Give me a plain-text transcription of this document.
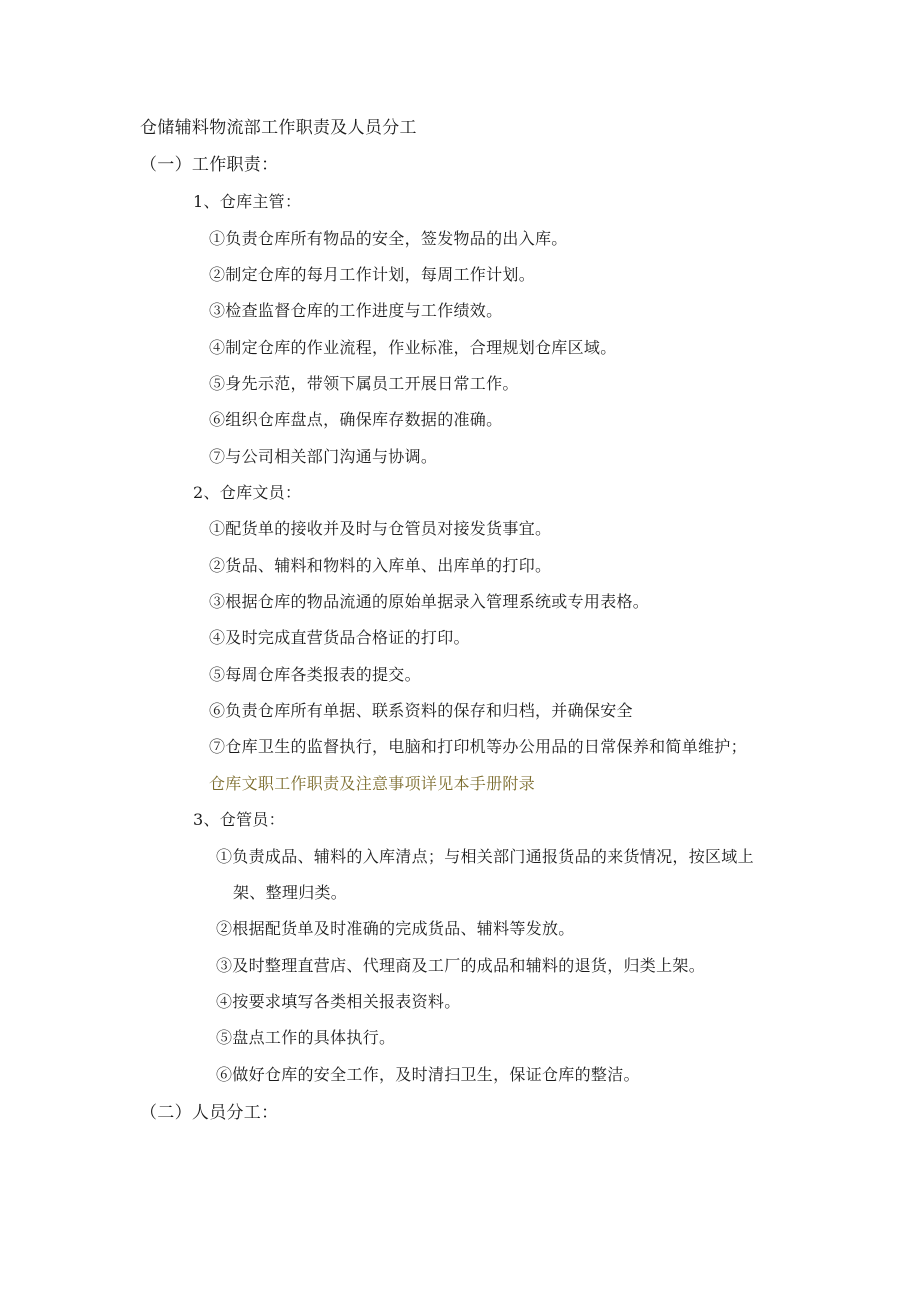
仓储辅料物流部工作职责及人员分工
（一）工作职责：
1、仓库主管：
①负责仓库所有物品的安全，签发物品的出入库。
②制定仓库的每月工作计划，每周工作计划。
③检查监督仓库的工作进度与工作绩效。
④制定仓库的作业流程，作业标准，合理规划仓库区域。
⑤身先示范，带领下属员工开展日常工作。
⑥组织仓库盘点，确保库存数据的准确。
⑦与公司相关部门沟通与协调。
2、仓库文员：
①配货单的接收并及时与仓管员对接发货事宜。
②货品、辅料和物料的入库单、出库单的打印。
③根据仓库的物品流通的原始单据录入管理系统或专用表格。
④及时完成直营货品合格证的打印。
⑤每周仓库各类报表的提交。
⑥负责仓库所有单据、联系资料的保存和归档，并确保安全
⑦仓库卫生的监督执行，电脑和打印机等办公用品的日常保养和简单维护；
仓库文职工作职责及注意事项详见本手册附录
3、仓管员：
①负责成品、辅料的入库清点；与相关部门通报货品的来货情况，按区域上
架、整理归类。
②根据配货单及时准确的完成货品、辅料等发放。
③及时整理直营店、代理商及工厂的成品和辅料的退货，归类上架。
④按要求填写各类相关报表资料。
⑤盘点工作的具体执行。
⑥做好仓库的安全工作，及时清扫卫生，保证仓库的整洁。
（二）人员分工：
